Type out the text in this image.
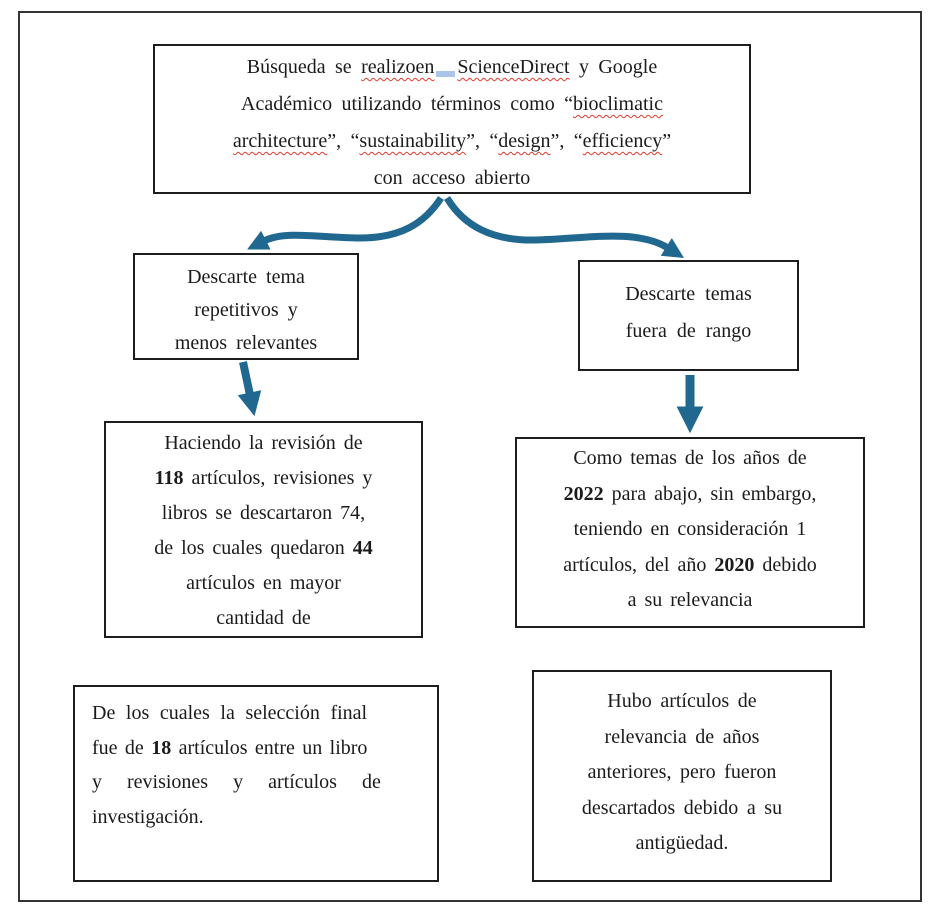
Búsqueda se realizoen ScienceDirect y Google
Académico utilizando términos como “bioclimatic
architecture”, “sustainability”, “design”, “efficiency”
con acceso abierto
Descarte tema
repetitivos y
menos relevantes
Descarte temas
fuera de rango
Haciendo la revisión de
118 artículos, revisiones y
libros se descartaron 74,
de los cuales quedaron 44
artículos en mayor
cantidad de
Como temas de los años de
2022 para abajo, sin embargo,
teniendo en consideración 1
artículos, del año 2020 debido
a su relevancia
De los cuales la selección final
fue de 18 artículos entre un libro
y revisiones y artículos de
investigación.
Hubo artículos de
relevancia de años
anteriores, pero fueron
descartados debido a su
antigüedad.
